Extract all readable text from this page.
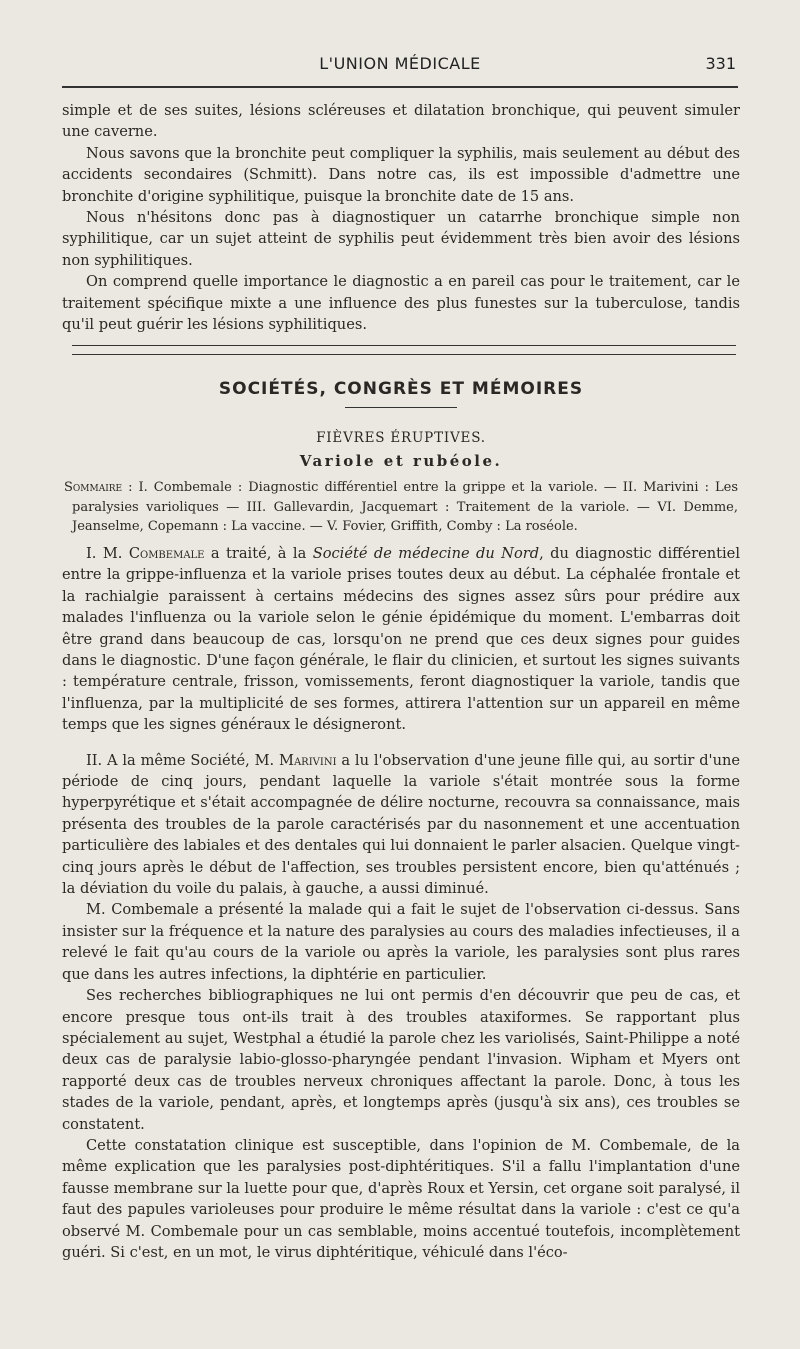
L'UNION MÉDICALE	331

simple et de ses suites, lésions scléreuses et dilatation bronchique, qui peuvent simuler une caverne.

Nous savons que la bronchite peut compliquer la syphilis, mais seulement au début des accidents secondaires (Schmitt). Dans notre cas, ils est impossible d'admettre une bronchite d'origine syphilitique, puisque la bronchite date de 15 ans.

Nous n'hésitons donc pas à diagnostiquer un catarrhe bronchique simple non syphilitique, car un sujet atteint de syphilis peut évidemment très bien avoir des lésions non syphilitiques.

On comprend quelle importance le diagnostic a en pareil cas pour le traitement, car le traitement spécifique mixte a une influence des plus funestes sur la tuberculose, tandis qu'il peut guérir les lésions syphilitiques.

SOCIÉTÉS, CONGRÈS ET MÉMOIRES
FIÈVRES ÉRUPTIVES.
Variole et rubéole.
Sommaire : I. Combemale : Diagnostic différentiel entre la grippe et la variole. — II. Marivini : Les paralysies varioliques — III. Gallevardin, Jacquemart : Traitement de la variole. — VI. Demme, Jeanselme, Copemann : La vaccine. — V. Fovier, Griffith, Comby : La roséole.

I. M. Combemale a traité, à la Société de médecine du Nord, du diagnostic différentiel entre la grippe-influenza et la variole prises toutes deux au début. La céphalée frontale et la rachialgie paraissent à certains médecins des signes assez sûrs pour prédire aux malades l'influenza ou la variole selon le génie épidémique du moment. L'embarras doit être grand dans beaucoup de cas, lorsqu'on ne prend que ces deux signes pour guides dans le diagnostic. D'une façon générale, le flair du clinicien, et surtout les signes suivants : température centrale, frisson, vomissements, feront diagnostiquer la variole, tandis que l'influenza, par la multiplicité de ses formes, attirera l'attention sur un appareil en même temps que les signes généraux le désigneront.

II. A la même Société, M. Marivini a lu l'observation d'une jeune fille qui, au sortir d'une période de cinq jours, pendant laquelle la variole s'était montrée sous la forme hyperpyrétique et s'était accompagnée de délire nocturne, recouvra sa connaissance, mais présenta des troubles de la parole caractérisés par du nasonnement et une accentuation particulière des labiales et des dentales qui lui donnaient le parler alsacien. Quelque vingt-cinq jours après le début de l'affection, ses troubles persistent encore, bien qu'atténués ; la déviation du voile du palais, à gauche, a aussi diminué.

M. Combemale a présenté la malade qui a fait le sujet de l'observation ci-dessus. Sans insister sur la fréquence et la nature des paralysies au cours des maladies infectieuses, il a relevé le fait qu'au cours de la variole ou après la variole, les paralysies sont plus rares que dans les autres infections, la diphtérie en particulier.

Ses recherches bibliographiques ne lui ont permis d'en découvrir que peu de cas, et encore presque tous ont-ils trait à des troubles ataxiformes. Se rapportant plus spécialement au sujet, Westphal a étudié la parole chez les variolisés, Saint-Philippe a noté deux cas de paralysie labio-glosso-pharyngée pendant l'invasion. Wipham et Myers ont rapporté deux cas de troubles nerveux chroniques affectant la parole. Donc, à tous les stades de la variole, pendant, après, et longtemps après (jusqu'à six ans), ces troubles se constatent.

Cette constatation clinique est susceptible, dans l'opinion de M. Combemale, de la même explication que les paralysies post-diphtéritiques. S'il a fallu l'implantation d'une fausse membrane sur la luette pour que, d'après Roux et Yersin, cet organe soit paralysé, il faut des papules varioleuses pour produire le même résultat dans la variole : c'est ce qu'a observé M. Combemale pour un cas semblable, moins accentué toutefois, incomplètement guéri. Si c'est, en un mot, le virus diphtéritique, véhiculé dans l'éco-
